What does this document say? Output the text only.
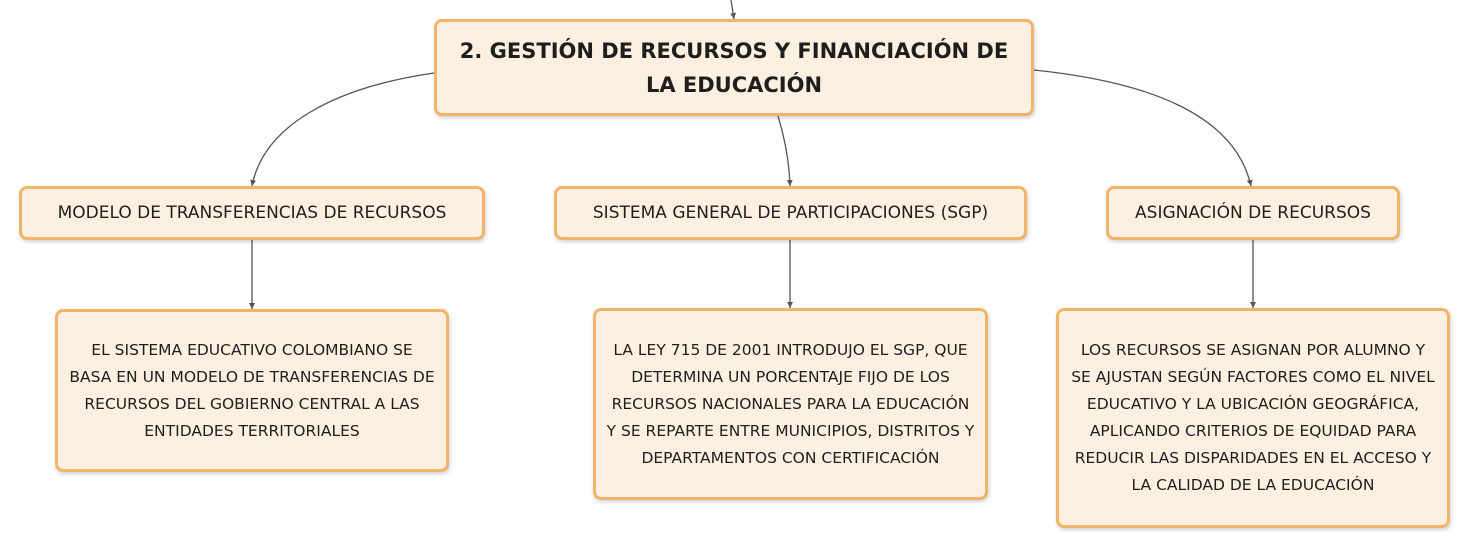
2. GESTIÓN DE RECURSOS Y FINANCIACIÓN DE LA EDUCACIÓN
MODELO DE TRANSFERENCIAS DE RECURSOS	SISTEMA GENERAL DE PARTICIPACIONES (SGP)	ASIGNACIÓN DE RECURSOS
EL SISTEMA EDUCATIVO COLOMBIANO SE BASA EN UN MODELO DE TRANSFERENCIAS DE RECURSOS DEL GOBIERNO CENTRAL A LAS ENTIDADES TERRITORIALES
LA LEY 715 DE 2001 INTRODUJO EL SGP, QUE DETERMINA UN PORCENTAJE FIJO DE LOS RECURSOS NACIONALES PARA LA EDUCACIÓN Y SE REPARTE ENTRE MUNICIPIOS, DISTRITOS Y DEPARTAMENTOS CON CERTIFICACIÓN
LOS RECURSOS SE ASIGNAN POR ALUMNO Y SE AJUSTAN SEGÚN FACTORES COMO EL NIVEL EDUCATIVO Y LA UBICACIÓN GEOGRÁFICA, APLICANDO CRITERIOS DE EQUIDAD PARA REDUCIR LAS DISPARIDADES EN EL ACCESO Y LA CALIDAD DE LA EDUCACIÓN
